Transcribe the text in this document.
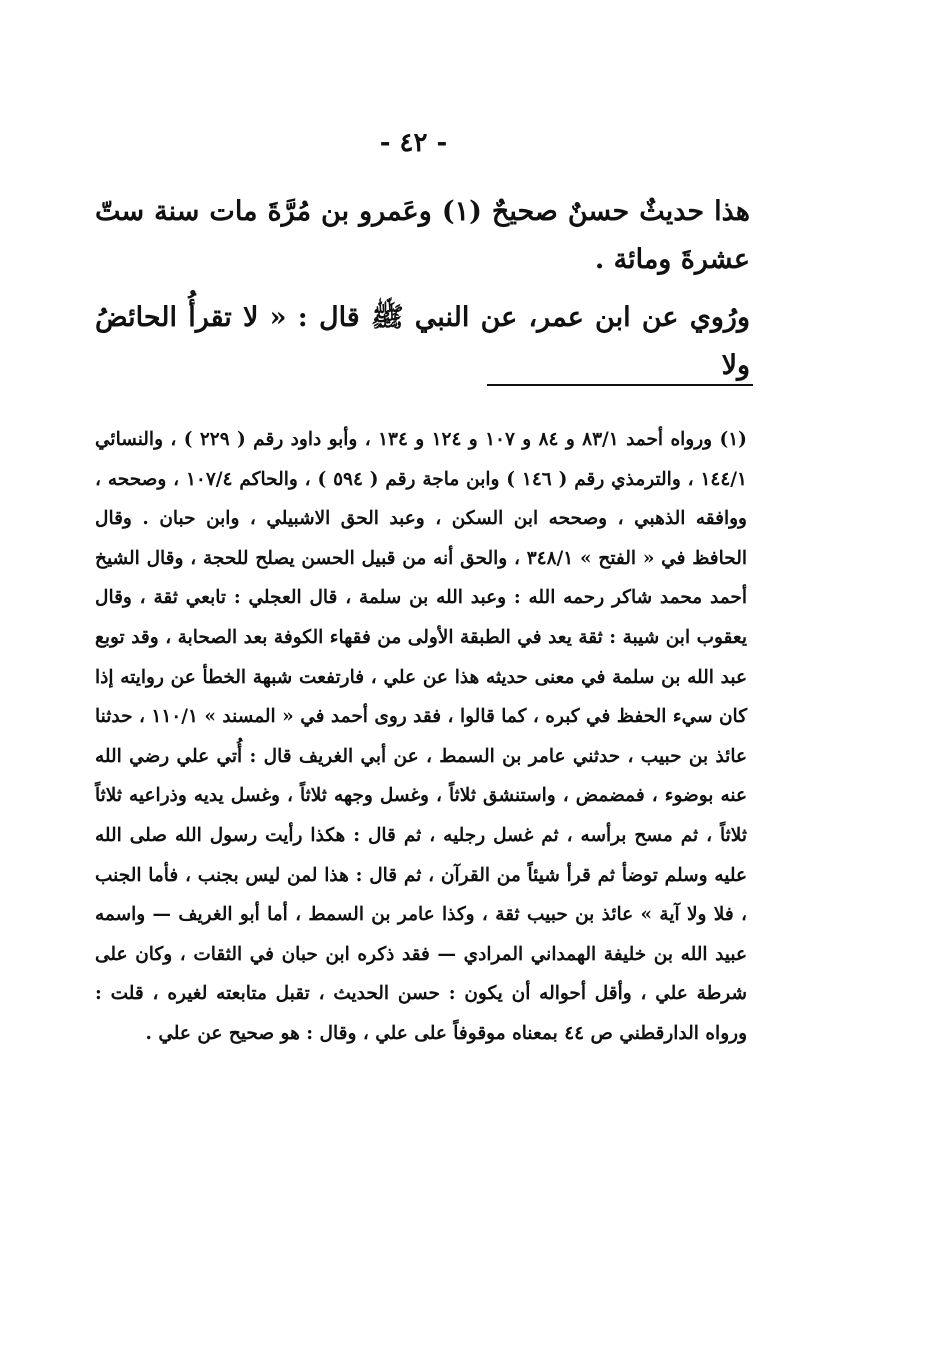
- ٤٢ -

هذا حديثٌ حسنٌ صحيحٌ (١) وعَمرو بن مُرَّةَ مات سنة ستّ عشرةَ ومائة .

ورُوي عن ابن عمر، عن النبي ﷺ قال : « لا تقرأُ الحائضُ ولا

(١) ورواه أحمد ٨٣/١ و ٨٤ و ١٠٧ و ١٢٤ و ١٣٤ ، وأبو داود رقم ( ٢٢٩ ) ، والنسائي ١٤٤/١ ، والترمذي رقم ( ١٤٦ ) وابن ماجة رقم ( ٥٩٤ ) ، والحاكم ١٠٧/٤ ، وصححه ، ووافقه الذهبي ، وصححه ابن السكن ، وعبد الحق الاشبيلي ، وابن حبان . وقال الحافظ في « الفتح » ٣٤٨/١ ، والحق أنه من قبيل الحسن يصلح للحجة ، وقال الشيخ أحمد محمد شاكر رحمه الله : وعبد الله بن سلمة ، قال العجلي : تابعي ثقة ، وقال يعقوب ابن شيبة : ثقة يعد في الطبقة الأولى من فقهاء الكوفة بعد الصحابة ، وقد توبع عبد الله بن سلمة في معنى حديثه هذا عن علي ، فارتفعت شبهة الخطأ عن روايته إذا كان سيء الحفظ في كبره ، كما قالوا ، فقد روى أحمد في « المسند » ١١٠/١ ، حدثنا عائذ بن حبيب ، حدثني عامر بن السمط ، عن أبي الغريف قال : أُتي علي رضي الله عنه بوضوء ، فمضمض ، واستنشق ثلاثاً ، وغسل وجهه ثلاثاً ، وغسل يديه وذراعيه ثلاثاً ثلاثاً ، ثم مسح برأسه ، ثم غسل رجليه ، ثم قال : هكذا رأيت رسول الله صلى الله عليه وسلم توضأ ثم قرأ شيئاً من القرآن ، ثم قال : هذا لمن ليس بجنب ، فأما الجنب ، فلا ولا آية » عائذ بن حبيب ثقة ، وكذا عامر بن السمط ، أما أبو الغريف — واسمه عبيد الله بن خليفة الهمداني المرادي — فقد ذكره ابن حبان في الثقات ، وكان على شرطة علي ، وأقل أحواله أن يكون : حسن الحديث ، تقبل متابعته لغيره ، قلت : ورواه الدارقطني ص ٤٤ بمعناه موقوفاً على علي ، وقال : هو صحيح عن علي .
